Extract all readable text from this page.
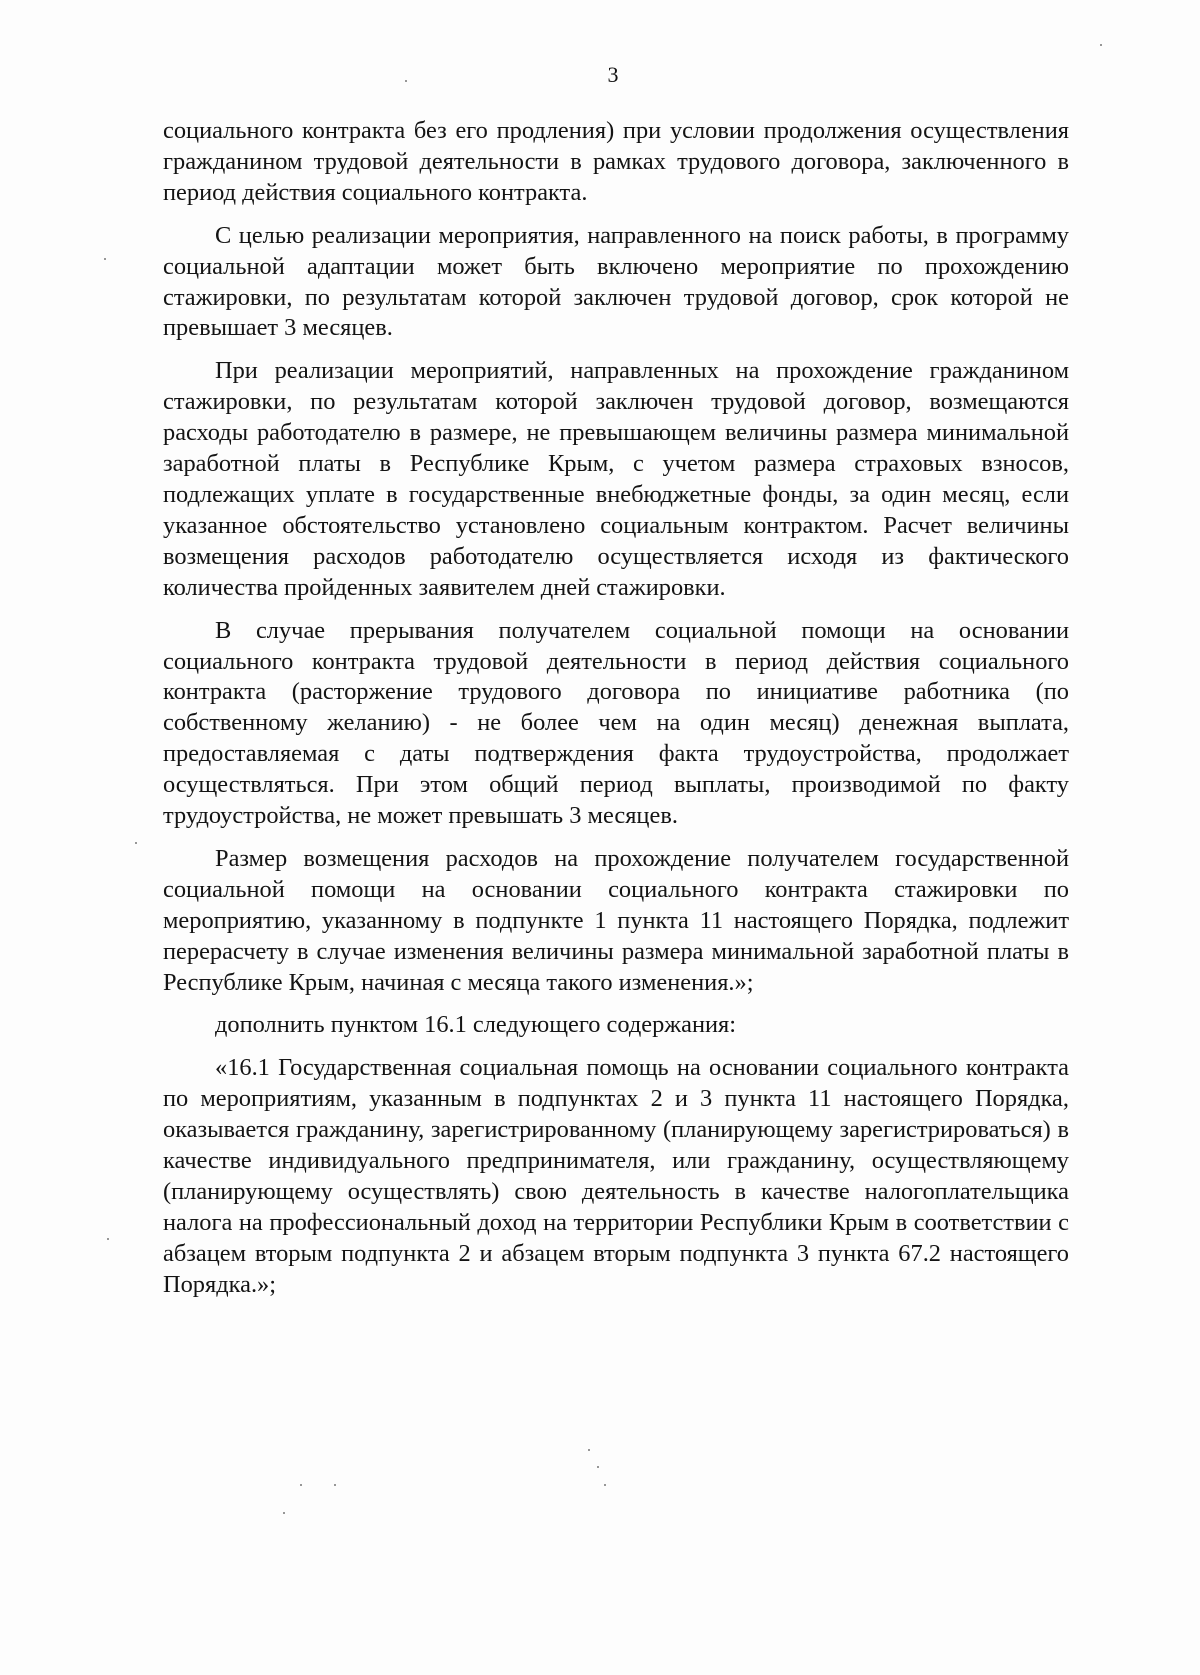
3

социального контракта без его продления) при условии продолжения осуществления гражданином трудовой деятельности в рамках трудового договора, заключенного в период действия социального контракта.

С целью реализации мероприятия, направленного на поиск работы, в программу социальной адаптации может быть включено мероприятие по прохождению стажировки, по результатам которой заключен трудовой договор, срок которой не превышает 3 месяцев.

При реализации мероприятий, направленных на прохождение гражданином стажировки, по результатам которой заключен трудовой договор, возмещаются расходы работодателю в размере, не превышающем величины размера минимальной заработной платы в Республике Крым, с учетом размера страховых взносов, подлежащих уплате в государственные внебюджетные фонды, за один месяц, если указанное обстоятельство установлено социальным контрактом. Расчет величины возмещения расходов работодателю осуществляется исходя из фактического количества пройденных заявителем дней стажировки.

В случае прерывания получателем социальной помощи на основании социального контракта трудовой деятельности в период действия социального контракта (расторжение трудового договора по инициативе работника (по собственному желанию) - не более чем на один месяц) денежная выплата, предоставляемая с даты подтверждения факта трудоустройства, продолжает осуществляться. При этом общий период выплаты, производимой по факту трудоустройства, не может превышать 3 месяцев.

Размер возмещения расходов на прохождение получателем государственной социальной помощи на основании социального контракта стажировки по мероприятию, указанному в подпункте 1 пункта 11 настоящего Порядка, подлежит перерасчету в случае изменения величины размера минимальной заработной платы в Республике Крым, начиная с месяца такого изменения.»;

дополнить пунктом 16.1 следующего содержания:

«16.1 Государственная социальная помощь на основании социального контракта по мероприятиям, указанным в подпунктах 2 и 3 пункта 11 настоящего Порядка, оказывается гражданину, зарегистрированному (планирующему зарегистрироваться) в качестве индивидуального предпринимателя, или гражданину, осуществляющему (планирующему осуществлять) свою деятельность в качестве налогоплательщика налога на профессиональный доход на территории Республики Крым в соответствии с абзацем вторым подпункта 2 и абзацем вторым подпункта 3 пункта 67.2 настоящего Порядка.»;
